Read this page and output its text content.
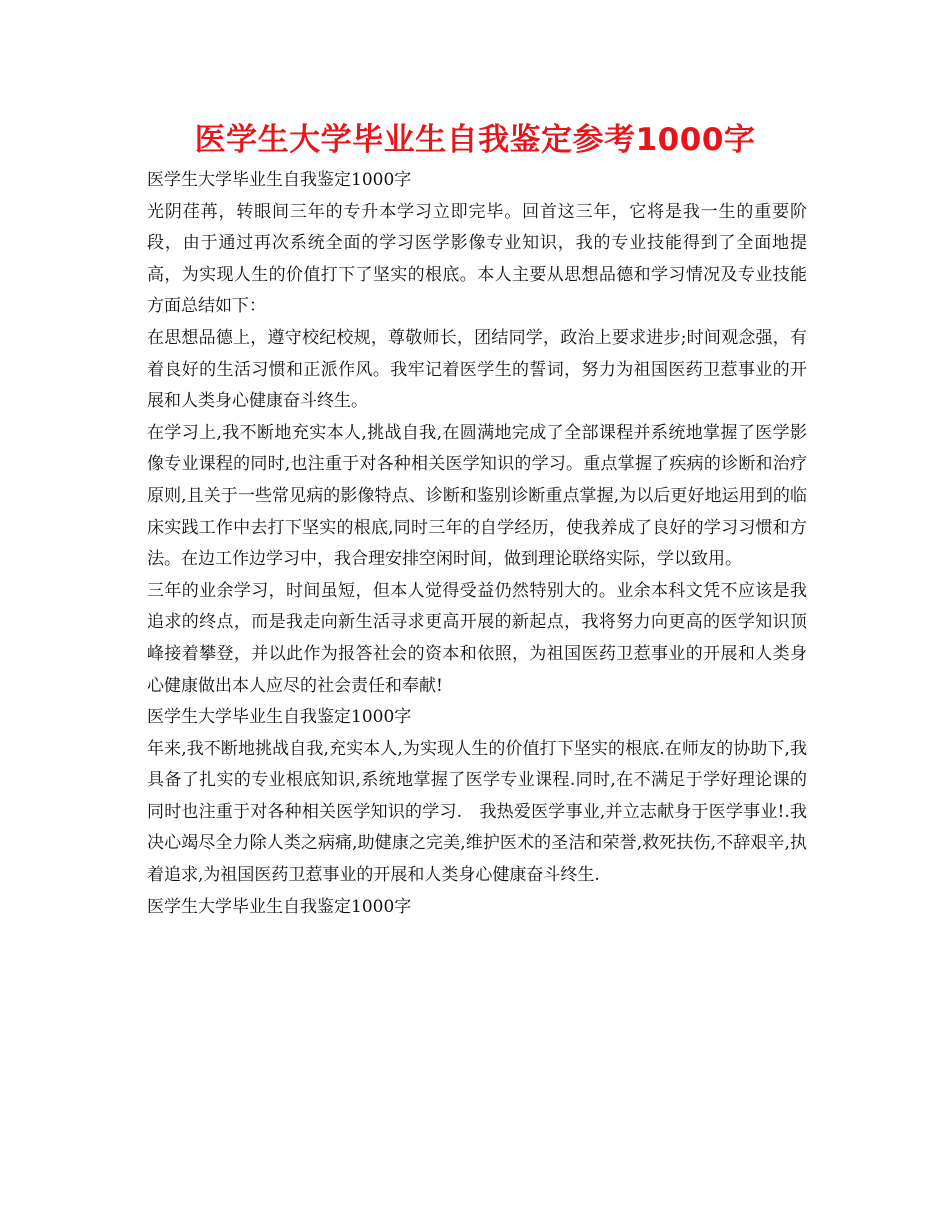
医学生大学毕业生自我鉴定参考1000字

医学生大学毕业生自我鉴定1000字

光阴荏苒，转眼间三年的专升本学习立即完毕。回首这三年，它将是我一生的重要阶段，由于通过再次系统全面的学习医学影像专业知识，我的专业技能得到了全面地提高，为实现人生的价值打下了坚实的根底。本人主要从思想品德和学习情况及专业技能方面总结如下：

在思想品德上，遵守校纪校规，尊敬师长，团结同学，政治上要求进步;时间观念强，有着良好的生活习惯和正派作风。我牢记着医学生的誓词，努力为祖国医药卫惹事业的开展和人类身心健康奋斗终生。

在学习上,我不断地充实本人,挑战自我,在圆满地完成了全部课程并系统地掌握了医学影像专业课程的同时,也注重于对各种相关医学知识的学习。重点掌握了疾病的诊断和治疗原则,且关于一些常见病的影像特点、诊断和鉴别诊断重点掌握,为以后更好地运用到的临床实践工作中去打下坚实的根底,同时三年的自学经历，使我养成了良好的学习习惯和方法。在边工作边学习中，我合理安排空闲时间，做到理论联络实际，学以致用。

三年的业余学习，时间虽短，但本人觉得受益仍然特别大的。业余本科文凭不应该是我追求的终点，而是我走向新生活寻求更高开展的新起点，我将努力向更高的医学知识顶峰接着攀登，并以此作为报答社会的资本和依照，为祖国医药卫惹事业的开展和人类身心健康做出本人应尽的社会责任和奉献!

医学生大学毕业生自我鉴定1000字

年来,我不断地挑战自我,充实本人,为实现人生的价值打下坚实的根底.在师友的协助下,我具备了扎实的专业根底知识,系统地掌握了医学专业课程.同时,在不满足于学好理论课的同时也注重于对各种相关医学知识的学习.　我热爱医学事业,并立志献身于医学事业!.我决心竭尽全力除人类之病痛,助健康之完美,维护医术的圣洁和荣誉,救死扶伤,不辞艰辛,执着追求,为祖国医药卫惹事业的开展和人类身心健康奋斗终生.

医学生大学毕业生自我鉴定1000字
